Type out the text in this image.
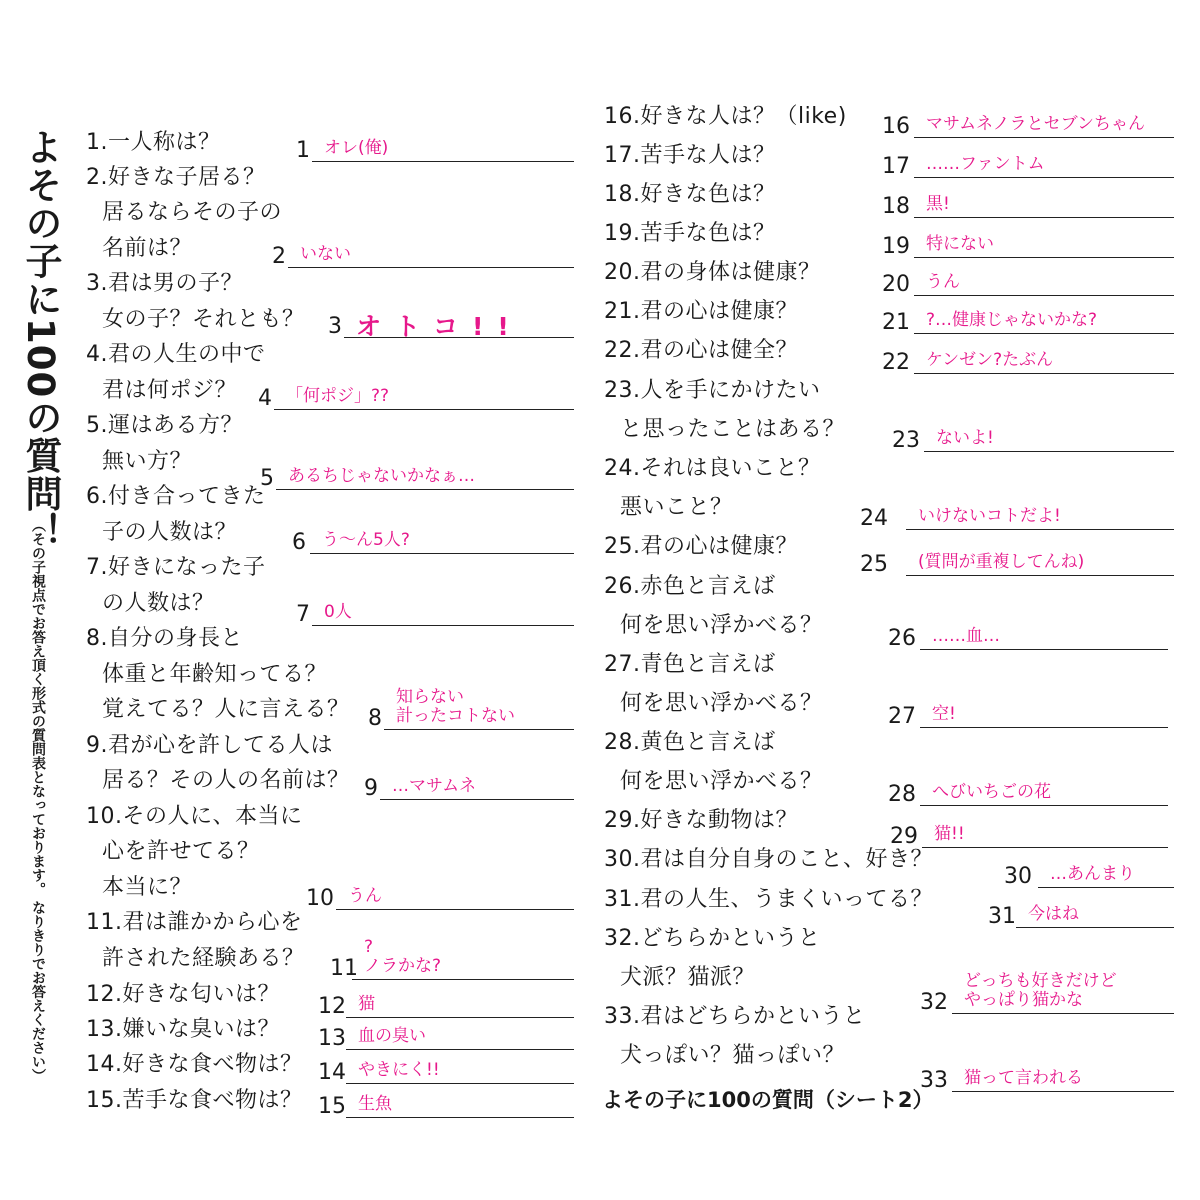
よその子に100の質問！
（その子視点でお答え頂く形式の質問表となっております。 なりきりでお答えください）
1.一人称は？
2.好きな子居る？
居るならその子の
名前は？
3.君は男の子？
女の子？それとも？
4.君の人生の中で
君は何ポジ？
5.運はある方？
無い方？
6.付き合ってきた
子の人数は？
7.好きになった子
の人数は？
8.自分の身長と
体重と年齢知ってる？
覚えてる？人に言える？
9.君が心を許してる人は
居る？その人の名前は？
10.その人に、本当に
心を許せてる？
本当に？
11.君は誰かから心を
許された経験ある？
12.好きな匂いは？
13.嫌いな臭いは？
14.好きな食べ物は？
15.苦手な食べ物は？
16.好きな人は？（like)
17.苦手な人は？
18.好きな色は？
19.苦手な色は？
20.君の身体は健康？
21.君の心は健康？
22.君の心は健全？
23.人を手にかけたい
と思ったことはある？
24.それは良いこと？
悪いこと？
25.君の心は健康？
26.赤色と言えば
何を思い浮かべる？
27.青色と言えば
何を思い浮かべる？
28.黄色と言えば
何を思い浮かべる？
29.好きな動物は？
30.君は自分自身のこと、好き？
31.君の人生、うまくいってる？
32.どちらかというと
犬派？猫派？
33.君はどちらかというと
犬っぽい？猫っぽい？
1 オレ(俺)
2 いない
3 オトコ!!
4 「何ポジ」??
5 あるちじゃないかなぁ…
6 う〜ん5人?
7 0人
8
知らない
計ったコトない
9 …マサムネ
10 うん
11
?
ノラかな?
12 猫
13 血の臭い
14 やきにく!!
15 生魚
16 マサムネノラとセブンちゃん
17 ……ファントム
18 黒!
19 特にない
20 うん
21 ?…健康じゃないかな?
22 ケンゼン?たぶん
23 ないよ!
24 いけないコトだよ!
25 (質問が重複してんね)
26 ……血…
27 空!
28 へびいちごの花
29 猫!!
30 …あんまり
31 今はね
32
どっちも好きだけど
やっぱり猫かな
33 猫って言われる
よその子に100の質問（シート2）
